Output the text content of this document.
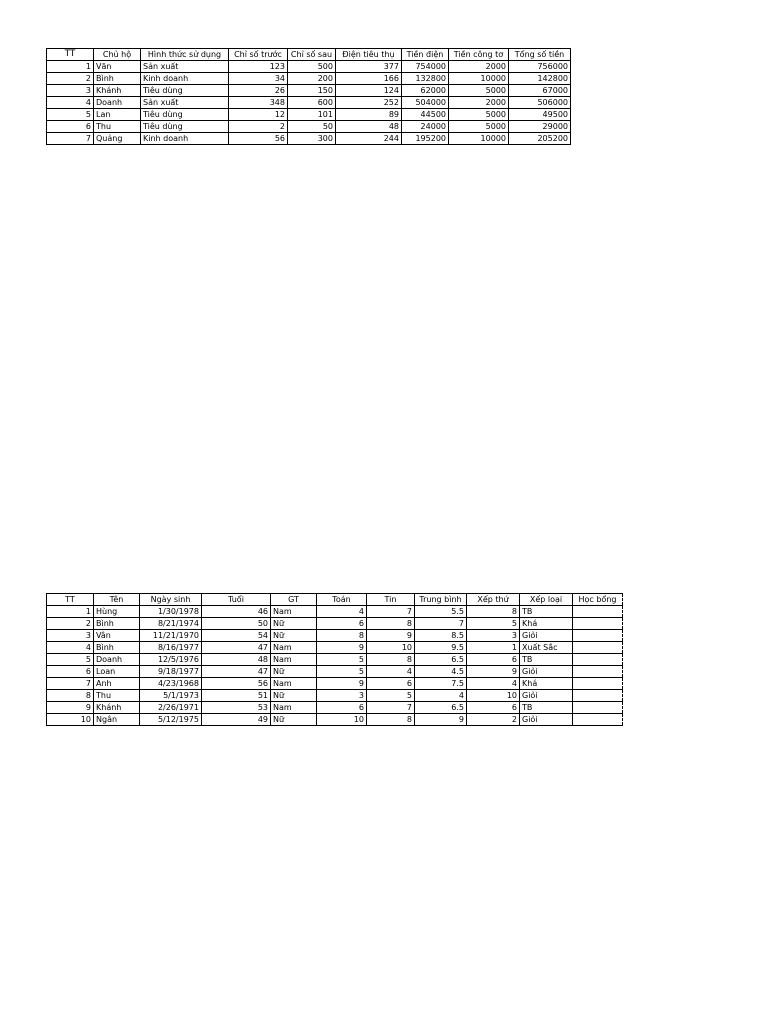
TT	Chủ hộ	Hình thức sử dụng	Chỉ số trước	Chỉ số sau	Điện tiêu thụ	Tiền điện	Tiền công tơ	Tổng số tiền
1	Văn	Sản xuất	123	500	377	754000	2000	756000
2	Bình	Kinh doanh	34	200	166	132800	10000	142800
3	Khánh	Tiêu dùng	26	150	124	62000	5000	67000
4	Doanh	Sản xuất	348	600	252	504000	2000	506000
5	Lan	Tiêu dùng	12	101	89	44500	5000	49500
6	Thu	Tiêu dùng	2	50	48	24000	5000	29000
7	Quảng	Kinh doanh	56	300	244	195200	10000	205200
TT	Tên	Ngày sinh	Tuổi	GT	Toán	Tin	Trung bình	Xếp thứ	Xếp loại	Học bổng
1	Hùng	1/30/1978	46	Nam	4	7	5.5	8	TB	
2	Bình	8/21/1974	50	Nữ	6	8	7	5	Khá	
3	Vân	11/21/1970	54	Nữ	8	9	8.5	3	Giỏi	
4	Bình	8/16/1977	47	Nam	9	10	9.5	1	Xuất Sắc	
5	Doanh	12/5/1976	48	Nam	5	8	6.5	6	TB	
6	Loan	9/18/1977	47	Nữ	5	4	4.5	9	Giỏi	
7	Anh	4/23/1968	56	Nam	9	6	7.5	4	Khá	
8	Thu	5/1/1973	51	Nữ	3	5	4	10	Giỏi	
9	Khánh	2/26/1971	53	Nam	6	7	6.5	6	TB	
10	Ngân	5/12/1975	49	Nữ	10	8	9	2	Giỏi	
